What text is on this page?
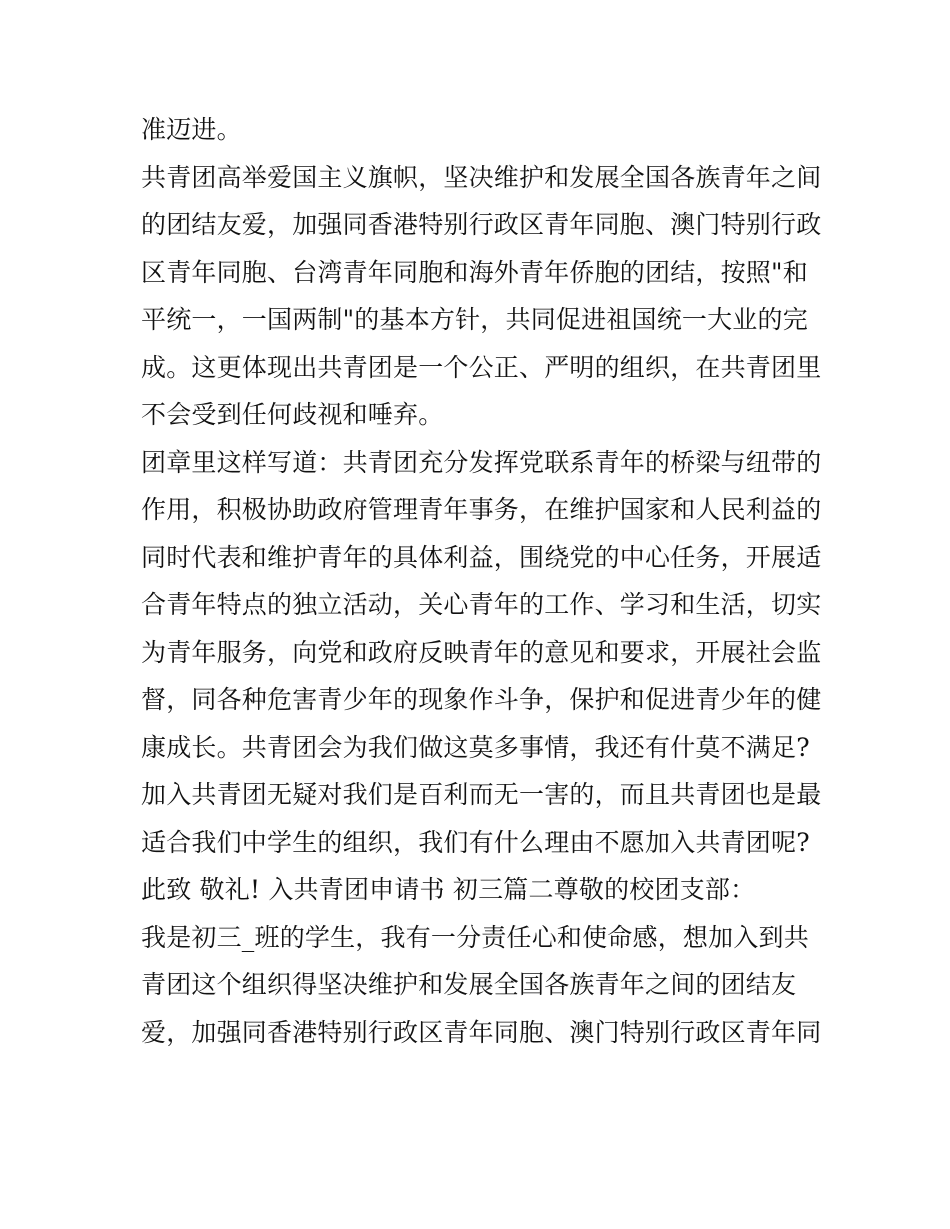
准迈进。
共青团高举爱国主义旗帜，坚决维护和发展全国各族青年之间
的团结友爱，加强同香港特别行政区青年同胞、澳门特别行政
区青年同胞、台湾青年同胞和海外青年侨胞的团结，按照"和
平统一，一国两制"的基本方针，共同促进祖国统一大业的完
成。这更体现出共青团是一个公正、严明的组织，在共青团里
不会受到任何歧视和唾弃。
团章里这样写道：共青团充分发挥党联系青年的桥梁与纽带的
作用，积极协助政府管理青年事务，在维护国家和人民利益的
同时代表和维护青年的具体利益，围绕党的中心任务，开展适
合青年特点的独立活动，关心青年的工作、学习和生活，切实
为青年服务，向党和政府反映青年的意见和要求，开展社会监
督，同各种危害青少年的现象作斗争，保护和促进青少年的健
康成长。共青团会为我们做这莫多事情，我还有什莫不满足?
加入共青团无疑对我们是百利而无一害的，而且共青团也是最
适合我们中学生的组织，我们有什么理由不愿加入共青团呢?
此致 敬礼! 入共青团申请书 初三篇二尊敬的校团支部：
我是初三_班的学生，我有一分责任心和使命感，想加入到共
青团这个组织得坚决维护和发展全国各族青年之间的团结友
爱，加强同香港特别行政区青年同胞、澳门特别行政区青年同
